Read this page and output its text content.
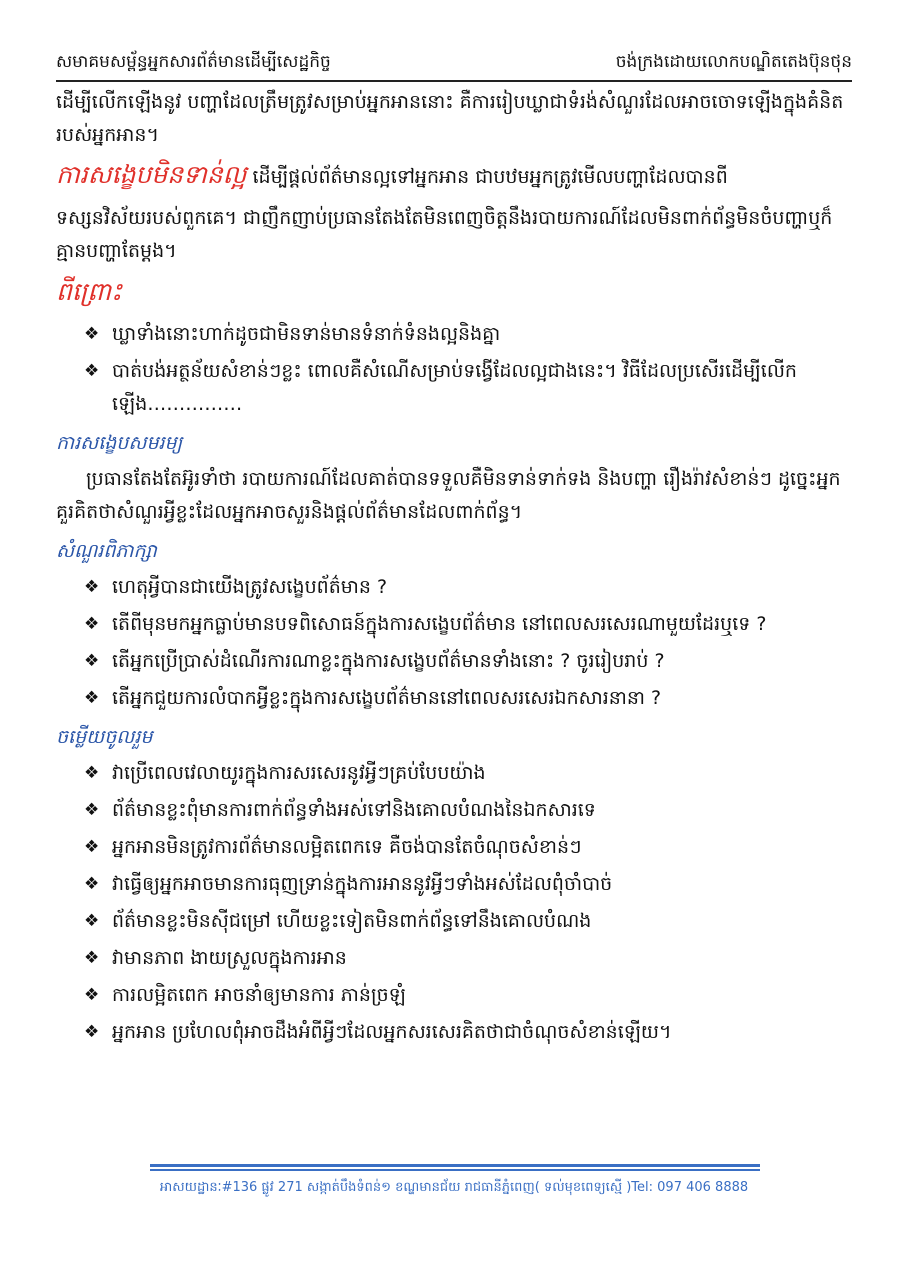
សមាគមសម្ព័ន្ធអ្នកសារព័ត៌មានដើម្បីសេដ្ឋកិច្ច	ចង់ក្រងដោយលោកបណ្ឌិតតេងប៊ុនថុន

ដើម្បីលើកឡើងនូវ បញ្ហាដែលត្រឹមត្រូវសម្រាប់អ្នកអាននោះ គឺការរៀបឃ្លាជាទំរង់សំណួរដែលអាចចោទឡើងក្នុងគំនិតរបស់អ្នកអាន។

ការសង្ខេបមិនទាន់ល្អ ដើម្បីផ្តល់ព័ត៌មានល្អទៅអ្នកអាន ជាបឋមអ្នកត្រូវមើលបញ្ហាដែលបានពី

ទស្សនវិស័យរបស់ពួកគេ។ ជាញឹកញាប់ប្រធានតែងតែមិនពេញចិត្តនឹងរបាយការណ៍ដែលមិនពាក់ព័ន្ធមិនចំបញ្ហាឬក៏គ្មានបញ្ហាតែម្តង។

ពីព្រោះ
❖ ឃ្លាទាំងនោះហាក់ដូចជាមិនទាន់មានទំនាក់ទំនងល្អនិងគ្នា
❖ បាត់បង់អត្ថន័យសំខាន់ៗខ្លះ ពោលគឺសំណើសម្រាប់ទង្វើដែលល្អជាងនេះ។ វិធីដែលប្រសើរដើម្បីលើកឡើង……………
ការសង្ខេបសមរម្យ

ប្រធានតែងតែអ៊ូរទាំថា របាយការណ៍ដែលគាត់បានទទួលគឺមិនទាន់ទាក់ទង និងបញ្ហា រឿងរ៉ាវសំខាន់ៗ ដូច្នេះអ្នក គួរគិតថាសំណួរអ្វីខ្លះដែលអ្នកអាចសួរនិងផ្តល់ព័ត៌មានដែលពាក់ព័ន្ធ។

សំណួរពិភាក្សា
❖ ហេតុអ្វីបានជាយើងត្រូវសង្ខេបព័ត៌មាន ?
❖ តើពីមុនមកអ្នកធ្លាប់មានបទពិសោធន៍ក្នុងការសង្ខេបព័ត៌មាន នៅពេលសរសេរណាមួយដែរឬទេ ?
❖ តើអ្នកប្រើប្រាស់ដំណើរការណាខ្លះក្នុងការសង្ខេបព័ត៌មានទាំងនោះ ? ចូររៀបរាប់ ?
❖ តើអ្នកជួយការលំបាកអ្វីខ្លះក្នុងការសង្ខេបព័ត៌មាននៅពេលសរសេរឯកសារនានា ?
ចម្លើយចូលរួម
❖ វាប្រើពេលវេលាយូរក្នុងការសរសេរនូវអ្វីៗគ្រប់បែបយ៉ាង
❖ ព័ត៌មានខ្លះពុំមានការពាក់ព័ន្ធទាំងអស់ទៅនិងគោលបំណងនៃឯកសារទេ
❖ អ្នកអានមិនត្រូវការព័ត៌មានលម្អិតពេកទេ គឺចង់បានតែចំណុចសំខាន់ៗ
❖ វាធ្វើឲ្យអ្នកអាចមានការធុញទ្រាន់ក្នុងការអាននូវអ្វីៗទាំងអស់ដែលពុំចាំបាច់
❖ ព័ត៌មានខ្លះមិនស៊ីជម្រៅ ហើយខ្លះទៀតមិនពាក់ព័ន្ធទៅនឹងគោលបំណង
❖ វាមានភាព ងាយស្រួលក្នុងការអាន
❖ ការលម្អិតពេក អាចនាំឲ្យមានការ ភាន់ច្រឡំ
❖ អ្នកអាន ប្រហែលពុំអាចដឹងអំពីអ្វីៗដែលអ្នកសរសេរគិតថាជាចំណុចសំខាន់ឡើយ។
អាសយដ្ឋានៈ#136 ផ្លូវ 271 សង្កាត់បឹងទំពន់១ ខណ្ឌមានជ័យ រាជធានីភ្នំពេញ( ទល់មុខពេទ្យស្មើ )Tel: 097 406 8888
